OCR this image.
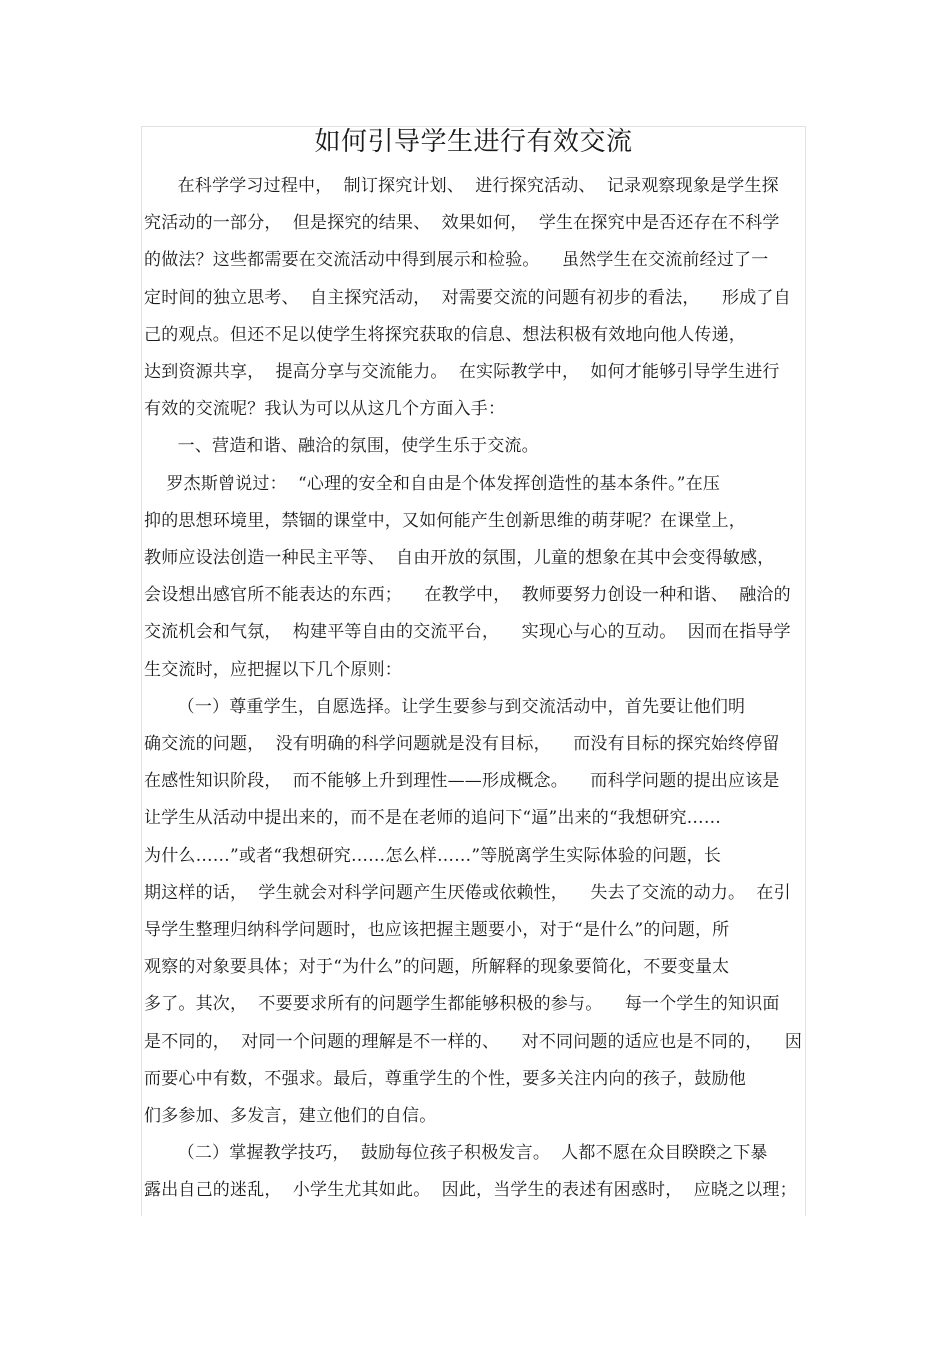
如何引导学生进行有效交流
在科学学习过程中，  制订探究计划、  进行探究活动、  记录观察现象是学生探
究活动的一部分，  但是探究的结果、  效果如何，  学生在探究中是否还存在不科学
的做法？这些都需要在交流活动中得到展示和检验。    虽然学生在交流前经过了一
定时间的独立思考、  自主探究活动，  对需要交流的问题有初步的看法，    形成了自
己的观点。但还不足以使学生将探究获取的信息、想法积极有效地向他人传递，
达到资源共享，  提高分享与交流能力。  在实际教学中，  如何才能够引导学生进行
有效的交流呢？我认为可以从这几个方面入手：
一、营造和谐、融洽的氛围，使学生乐于交流。
罗杰斯曾说过：  “心理的安全和自由是个体发挥创造性的基本条件。”在压
抑的思想环境里，禁锢的课堂中，又如何能产生创新思维的萌芽呢？在课堂上，
教师应设法创造一种民主平等、  自由开放的氛围，儿童的想象在其中会变得敏感，
会设想出感官所不能表达的东西；    在教学中，  教师要努力创设一种和谐、  融洽的
交流机会和气氛，  构建平等自由的交流平台，    实现心与心的互动。  因而在指导学
生交流时，应把握以下几个原则：
（一）尊重学生，自愿选择。让学生要参与到交流活动中，首先要让他们明
确交流的问题，  没有明确的科学问题就是没有目标，    而没有目标的探究始终停留
在感性知识阶段，  而不能够上升到理性——形成概念。    而科学问题的提出应该是
让学生从活动中提出来的，而不是在老师的追问下“逼”出来的“我想研究……
为什么……”或者“我想研究……怎么样……”等脱离学生实际体验的问题，长
期这样的话，  学生就会对科学问题产生厌倦或依赖性，    失去了交流的动力。  在引
导学生整理归纳科学问题时，也应该把握主题要小，对于“是什么”的问题，所
观察的对象要具体；对于“为什么”的问题，所解释的现象要简化，不要变量太
多了。其次，  不要要求所有的问题学生都能够积极的参与。    每一个学生的知识面
是不同的，  对同一个问题的理解是不一样的、    对不同问题的适应也是不同的，    因
而要心中有数，不强求。最后，尊重学生的个性，要多关注内向的孩子，鼓励他
们多参加、多发言，建立他们的自信。
（二）掌握教学技巧，  鼓励每位孩子积极发言。  人都不愿在众目睽睽之下暴
露出自己的迷乱，  小学生尤其如此。  因此，当学生的表述有困惑时，  应晓之以理；
